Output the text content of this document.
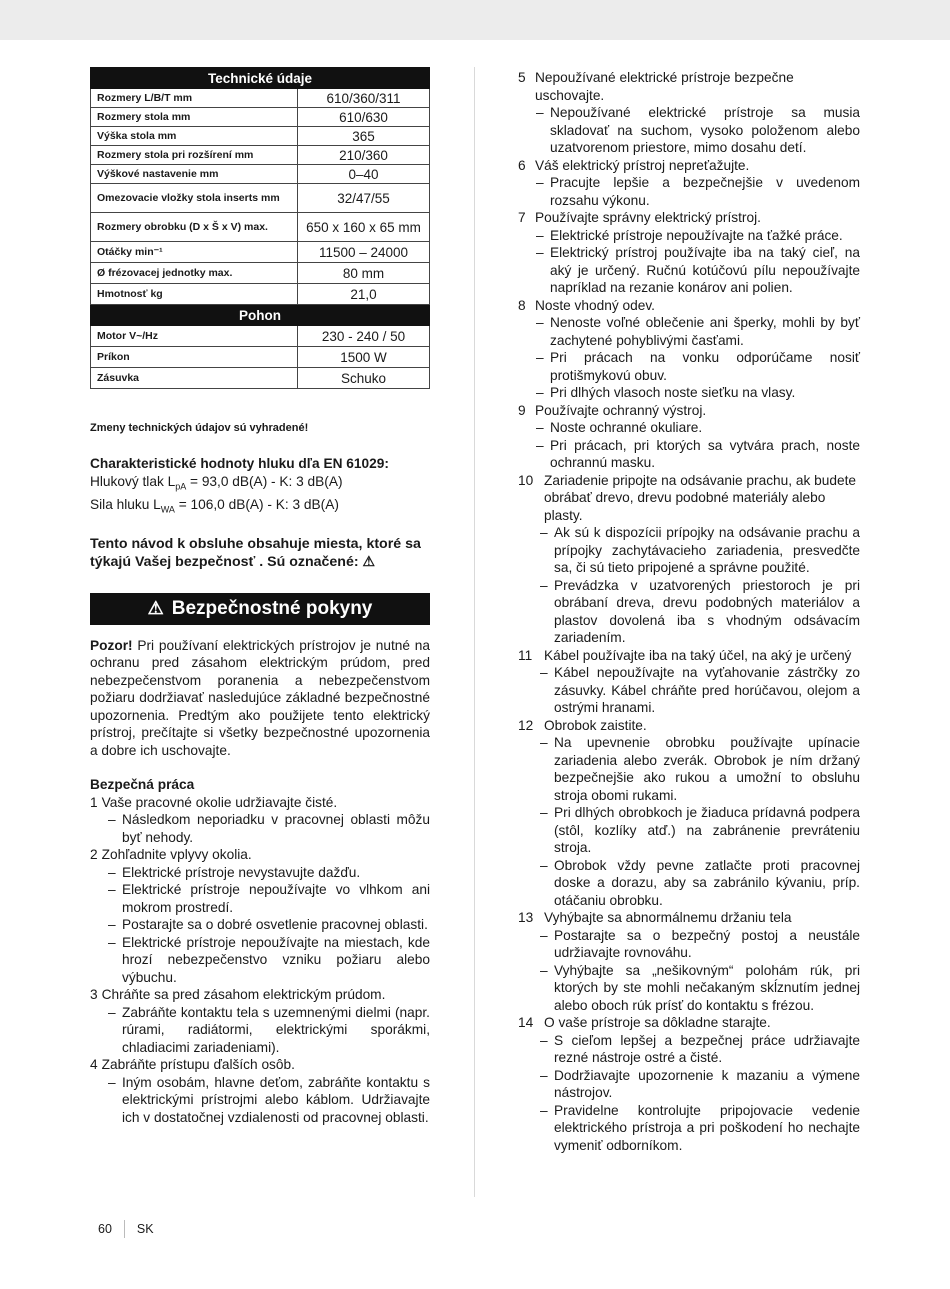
Technické údaje	
Rozmery L/B/T mm	610/360/311
Rozmery stola mm	610/630
Výška stola mm	365
Rozmery stola pri rozšírení mm	210/360
Výškové nastavenie mm	0–40
Omezovacie vložky stola inserts mm	32/47/55
Rozmery obrobku (D x Š x V) max.	650 x 160 x 65 mm
Otáčky min⁻¹	11500 – 24000
Ø frézovacej jednotky max.	80 mm
Hmotnosť kg	21,0
Pohon	
Motor V~/Hz	230 - 240 / 50
Príkon	1500 W
Zásuvka	Schuko
Zmeny technických údajov sú vyhradené!
Charakteristické hodnoty hluku dľa EN 61029:
Hlukový tlak $L_{pA} = 93,0$ dB(A) - K: 3 dB(A)
Sila hluku $L_{WA} = 106,0$ dB(A) - K: 3 dB(A)
Tento návod k obsluhe obsahuje miesta, ktoré sa týkajú Vašej bezpečnosť . Sú označené: ⚠
⚠ Bezpečnostné pokyny
Pozor! Pri používaní elektrických prístrojov je nutné na ochranu pred zásahom elektrickým prúdom, pred nebezpečenstvom poranenia a nebezpečenstvom požiaru dodržiavať nasledujúce základné bezpečnostné upozornenia. Predtým ako použijete tento elektrický prístroj, prečítajte si všetky bezpečnostné upozornenia a dobre ich uschovajte.
Bezpečná práca
1 Vaše pracovné okolie udržiavajte čisté.
– Následkom neporiadku v pracovnej oblasti môžu byť nehody.
2 Zohľadnite vplyvy okolia.
– Elektrické prístroje nevystavujte dažďu.
– Elektrické prístroje nepoužívajte vo vlhkom ani mokrom prostredí.
– Postarajte sa o dobré osvetlenie pracovnej oblasti.
– Elektrické prístroje nepoužívajte na miestach, kde hrozí nebezpečenstvo vzniku požiaru alebo výbuchu.
3 Chráňte sa pred zásahom elektrickým prúdom.
– Zabráňte kontaktu tela s uzemnenými dielmi (napr. rúrami, radiátormi, elektrickými sporákmi, chladiacimi zariadeniami).
4 Zabráňte prístupu ďalších osôb.
– Iným osobám, hlavne deťom, zabráňte kontaktu s elektrickými prístrojmi alebo káblom. Udržiavajte ich v dostatočnej vzdialenosti od pracovnej oblasti.
5 Nepoužívané elektrické prístroje bezpečne uschovajte.
– Nepoužívané elektrické prístroje sa musia skladovať na suchom, vysoko položenom alebo uzatvorenom priestore, mimo dosahu detí.
6 Váš elektrický prístroj nepreťažujte.
– Pracujte lepšie a bezpečnejšie v uvedenom rozsahu výkonu.
7 Používajte správny elektrický prístroj.
– Elektrické prístroje nepoužívajte na ťažké práce.
– Elektrický prístroj používajte iba na taký cieľ, na aký je určený. Ručnú kotúčovú pílu nepoužívajte napríklad na rezanie konárov ani polien.
8 Noste vhodný odev.
– Nenoste voľné oblečenie ani šperky, mohli by byť zachytené pohyblivými časťami.
– Pri prácach na vonku odporúčame nosiť protišmykovú obuv.
– Pri dlhých vlasoch noste sieťku na vlasy.
9 Používajte ochranný výstroj.
– Noste ochranné okuliare.
– Pri prácach, pri ktorých sa vytvára prach, noste ochrannú masku.
10 Zariadenie pripojte na odsávanie prachu, ak budete obrábať drevo, drevu podobné materiály alebo plasty.
– Ak sú k dispozícii prípojky na odsávanie prachu a prípojky zachytávacieho zariadenia, presvedčte sa, či sú tieto pripojené a správne použité.
– Prevádzka v uzatvorených priestoroch je pri obrábaní dreva, drevu podobných materiálov a plastov dovolená iba s vhodným odsávacím zariadením.
11 Kábel používajte iba na taký účel, na aký je určený
– Kábel nepoužívajte na vyťahovanie zástrčky zo zásuvky. Kábel chráňte pred horúčavou, olejom a ostrými hranami.
12 Obrobok zaistite.
– Na upevnenie obrobku používajte upínacie zariadenia alebo zverák. Obrobok je ním držaný bezpečnejšie ako rukou a umožní to obsluhu stroja obomi rukami.
– Pri dlhých obrobkoch je žiaduca prídavná podpera (stôl, kozlíky atď.) na zabránenie prevráteniu stroja.
– Obrobok vždy pevne zatlačte proti pracovnej doske a dorazu, aby sa zabránilo kývaniu, príp. otáčaniu obrobku.
13 Vyhýbajte sa abnormálnemu držaniu tela
– Postarajte sa o bezpečný postoj a neustále udržiavajte rovnováhu.
– Vyhýbajte sa „nešikovným“ polohám rúk, pri ktorých by ste mohli nečakaným skĺznutím jednej alebo oboch rúk prísť do kontaktu s frézou.
14 O vaše prístroje sa dôkladne starajte.
– S cieľom lepšej a bezpečnej práce udržiavajte rezné nástroje ostré a čisté.
– Dodržiavajte upozornenie k mazaniu a výmene nástrojov.
– Pravidelne kontrolujte pripojovacie vedenie elektrického prístroja a pri poškodení ho nechajte vymeniť odborníkom.
60 SK
